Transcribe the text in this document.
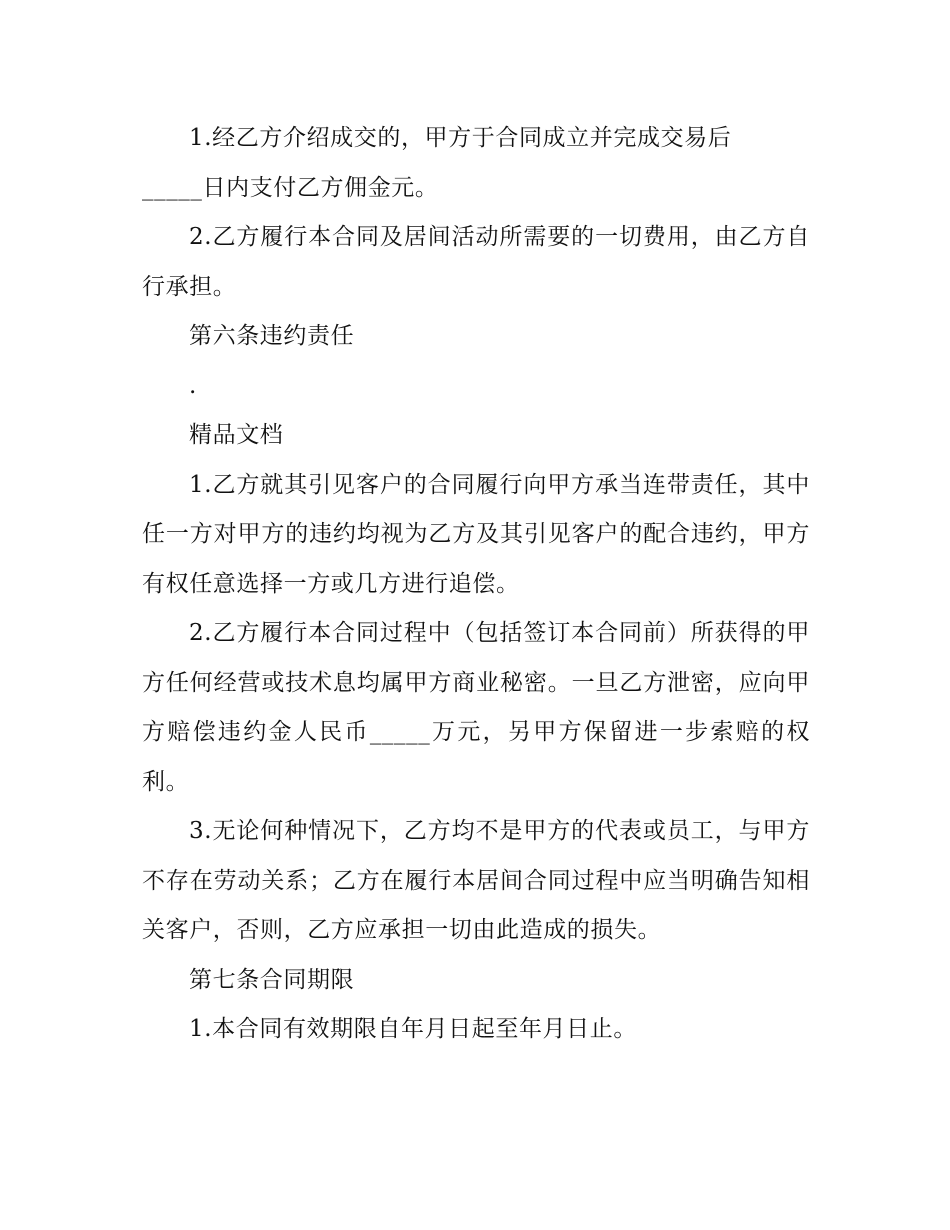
1.经乙方介绍成交的，甲方于合同成立并完成交易后
_____日内支付乙方佣金元。

2.乙方履行本合同及居间活动所需要的一切费用，由乙方自行承担。

第六条违约责任

.

精品文档

1.乙方就其引见客户的合同履行向甲方承当连带责任，其中任一方对甲方的违约均视为乙方及其引见客户的配合违约，甲方有权任意选择一方或几方进行追偿。

2.乙方履行本合同过程中（包括签订本合同前）所获得的甲方任何经营或技术息均属甲方商业秘密。一旦乙方泄密，应向甲方赔偿违约金人民币_____万元，另甲方保留进一步索赔的权利。

3.无论何种情况下，乙方均不是甲方的代表或员工，与甲方不存在劳动关系；乙方在履行本居间合同过程中应当明确告知相关客户，否则，乙方应承担一切由此造成的损失。

第七条合同期限

1.本合同有效期限自年月日起至年月日止。
